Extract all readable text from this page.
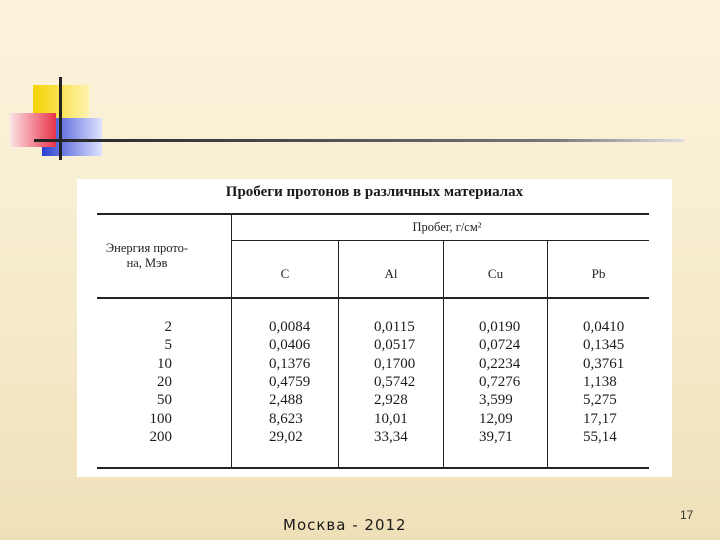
Пробеги протонов в различных материалах
Энергия прото-
на, Мэв
Пробег, г/см²
C	Al	Cu	Pb
2	0,0084	0,0115	0,0190	0,0410
5	0,0406	0,0517	0,0724	0,1345
10	0,1376	0,1700	0,2234	0,3761
20	0,4759	0,5742	0,7276	1,138
50	2,488	2,928	3,599	5,275
100	8,623	10,01	12,09	17,17
200	29,02	33,34	39,71	55,14
Москва - 2012
17
